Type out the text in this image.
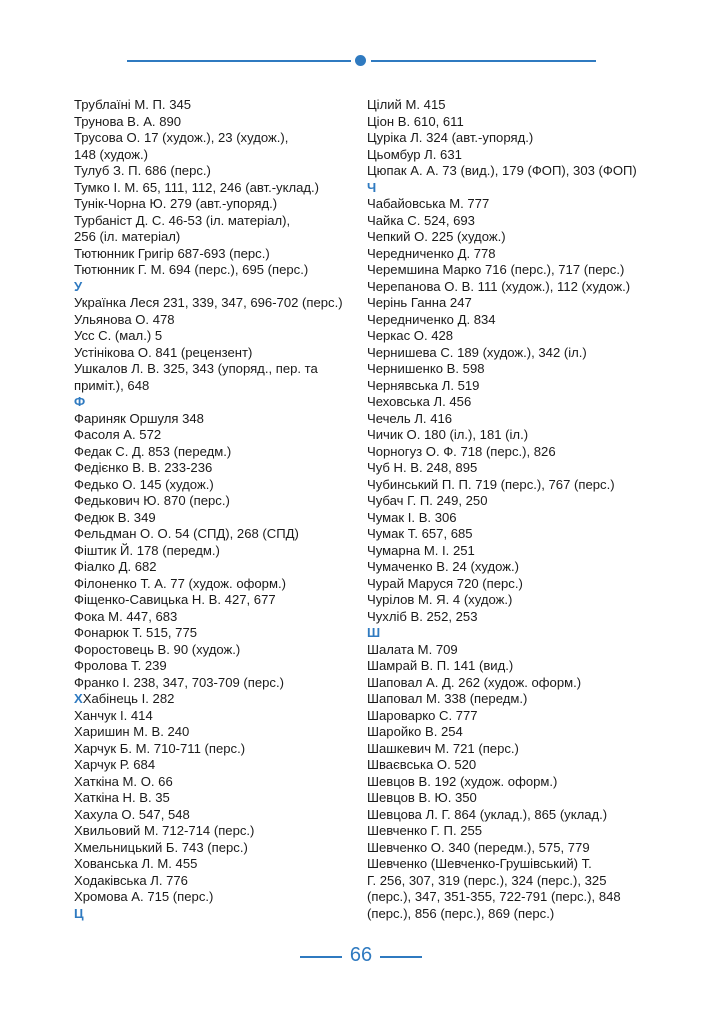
Трублаїні М. П. 345
Трунова В. А. 890
Трусова О. 17 (худож.), 23 (худож.),
148 (худож.)
Тулуб З. П. 686 (перс.)
Тумко І. М. 65, 111, 112, 246 (авт.-уклад.)
Тунік-Чорна Ю. 279 (авт.-упоряд.)
Турбаніст Д. С. 46-53 (іл. матеріал),
256 (іл. матеріал)
Тютюнник Григір 687-693 (перс.)
Тютюнник Г. М. 694 (перс.), 695 (перс.)
У
Українка Леся 231, 339, 347, 696-702 (перс.)
Ульянова О. 478
Усс С. (мал.) 5
Устінікова О. 841 (рецензент)
Ушкалов Л. В. 325, 343 (упоряд., пер. та
приміт.), 648
Ф
Фариняк Оршуля 348
Фасоля А. 572
Федак С. Д. 853 (передм.)
Федієнко В. В. 233-236
Федько О. 145 (худож.)
Федькович Ю. 870 (перс.)
Федюк В. 349
Фельдман О. О. 54 (СПД), 268 (СПД)
Фіштик Й. 178 (передм.)
Фіалко Д. 682
Філоненко Т. А. 77 (худож. оформ.)
Фіщенко-Савицька Н. В. 427, 677
Фока М. 447, 683
Фонарюк Т. 515, 775
Форостовець В. 90 (худож.)
Фролова Т. 239
Франко І. 238, 347, 703-709 (перс.)
ХХабінець І. 282
Ханчук І. 414
Харишин М. В. 240
Харчук Б. М. 710-711 (перс.)
Харчук Р. 684
Хаткіна М. О. 66
Хаткіна Н. В. 35
Хахула О. 547, 548
Хвильовий М. 712-714 (перс.)
Хмельницький Б. 743 (перс.)
Хованська Л. М. 455
Ходаківська Л. 776
Хромова А. 715 (перс.)
Ц
Цілий М. 415
Ціон В. 610, 611
Цуріка Л. 324 (авт.-упоряд.)
Цьомбур Л. 631
Цюпак А. А. 73 (вид.), 179 (ФОП), 303 (ФОП)
Ч
Чабайовська М. 777
Чайка С. 524, 693
Чепкий О. 225 (худож.)
Чередниченко Д. 778
Черемшина Марко 716 (перс.), 717 (перс.)
Черепанова О. В. 111 (худож.), 112 (худож.)
Черінь Ганна 247
Чередниченко Д. 834
Черкас О. 428
Чернишева С. 189 (худож.), 342 (іл.)
Чернишенко В. 598
Чернявська Л. 519
Чеховська Л. 456
Чечель Л. 416
Чичик О. 180 (іл.), 181 (іл.)
Чорногуз О. Ф. 718 (перс.), 826
Чуб Н. В. 248, 895
Чубинський П. П. 719 (перс.), 767 (перс.)
Чубач Г. П. 249, 250
Чумак І. В. 306
Чумак Т. 657, 685
Чумарна М. І. 251
Чумаченко В. 24 (худож.)
Чурай Маруся 720 (перс.)
Чурілов М. Я. 4 (худож.)
Чухліб В. 252, 253
Ш
Шалата М. 709
Шамрай В. П. 141 (вид.)
Шаповал А. Д. 262 (худож. оформ.)
Шаповал М. 338 (передм.)
Шароварко С. 777
Шаройко В. 254
Шашкевич М. 721 (перс.)
Шваєвська О. 520
Шевцов В. 192 (худож. оформ.)
Шевцов В. Ю. 350
Шевцова Л. Г. 864 (уклад.), 865 (уклад.)
Шевченко Г. П. 255
Шевченко О. 340 (передм.), 575, 779
Шевченко (Шевченко-Грушівський) Т.
Г. 256, 307, 319 (перс.), 324 (перс.), 325
(перс.), 347, 351-355, 722-791 (перс.), 848
(перс.), 856 (перс.), 869 (перс.)
66
